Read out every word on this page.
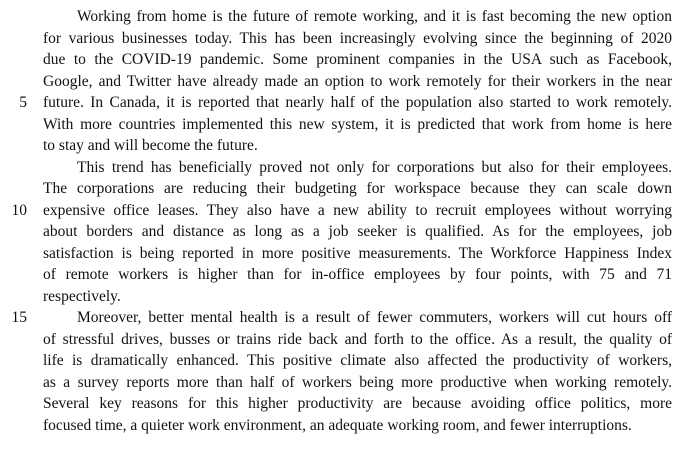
Working from home is the future of remote working, and it is fast becoming the new option
for various businesses today. This has been increasingly evolving since the beginning of 2020
due to the COVID-19 pandemic. Some prominent companies in the USA such as Facebook,
Google, and Twitter have already made an option to work remotely for their workers in the near
5 future. In Canada, it is reported that nearly half of the population also started to work remotely.
With more countries implemented this new system, it is predicted that work from home is here
to stay and will become the future.
This trend has beneficially proved not only for corporations but also for their employees.
The corporations are reducing their budgeting for workspace because they can scale down
10 expensive office leases. They also have a new ability to recruit employees without worrying
about borders and distance as long as a job seeker is qualified. As for the employees, job
satisfaction is being reported in more positive measurements. The Workforce Happiness Index
of remote workers is higher than for in-office employees by four points, with 75 and 71
respectively.
15	Moreover, better mental health is a result of fewer commuters, workers will cut hours off
of stressful drives, busses or trains ride back and forth to the office. As a result, the quality of
life is dramatically enhanced. This positive climate also affected the productivity of workers,
as a survey reports more than half of workers being more productive when working remotely.
Several key reasons for this higher productivity are because avoiding office politics, more
focused time, a quieter work environment, an adequate working room, and fewer interruptions.
